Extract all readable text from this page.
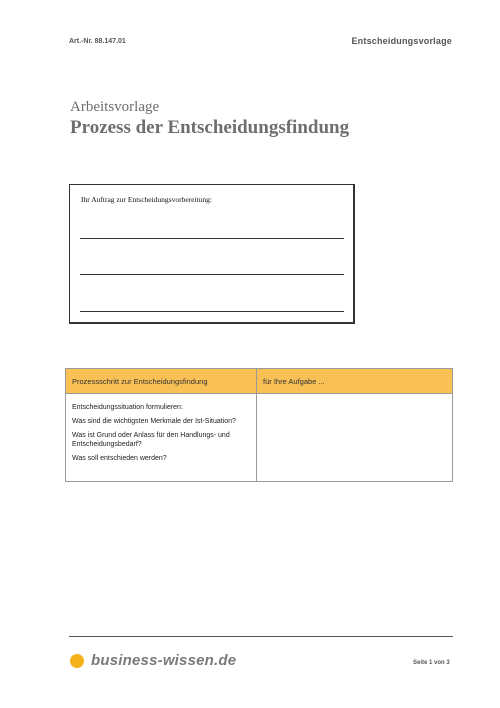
Art.-Nr. 88.147.01	Entscheidungsvorlage
Arbeitsvorlage
Prozess der Entscheidungsfindung
Ihr Auftrag zur Entscheidungsvorbereitung:
Prozessschritt zur Entscheidungsfindung	für Ihre Aufgabe ...

Entscheidungssituation formulieren:

Was sind die wichtigsten Merkmale der Ist-Situation?

Was ist Grund oder Anlass für den Handlungs- und Entscheidungsbedarf?

Was soll entschieden werden?

business-wissen.de	Seite 1 von 3
